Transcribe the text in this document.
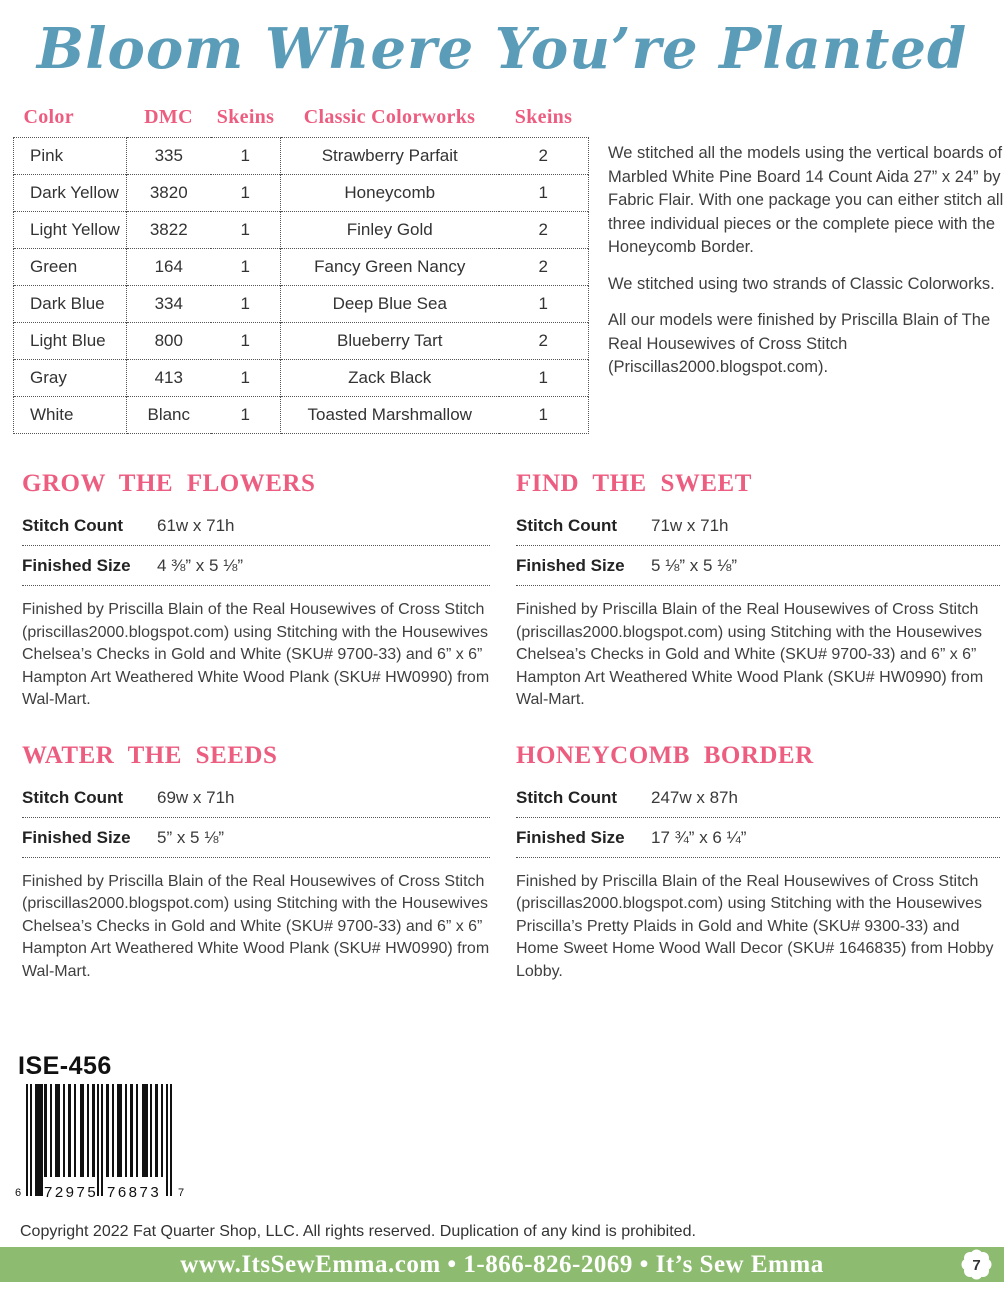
Bloom Where You’re Planted
Color	DMC	Skeins	Classic Colorworks	Skeins
Pink	335	1	Strawberry Parfait	2
Dark Yellow	3820	1	Honeycomb	1
Light Yellow	3822	1	Finley Gold	2
Green	164	1	Fancy Green Nancy	2
Dark Blue	334	1	Deep Blue Sea	1
Light Blue	800	1	Blueberry Tart	2
Gray	413	1	Zack Black	1
White	Blanc	1	Toasted Marshmallow	1

We stitched all the models using the vertical boards of Marbled White Pine Board 14 Count Aida 27” x 24” by Fabric Flair. With one package you can either stitch all three individual pieces or the complete piece with the Honeycomb Border.

We stitched using two strands of Classic Colorworks.

All our models were finished by Priscilla Blain of The Real Housewives of Cross Stitch (Priscillas2000.blogspot.com).

GROW THE FLOWERS
Stitch Count	61w x 71h
Finished Size	4 ⅜” x 5 ⅛”

Finished by Priscilla Blain of the Real Housewives of Cross Stitch (priscillas2000.blogspot.com) using Stitching with the Housewives Chelsea’s Checks in Gold and White (SKU# 9700-33) and 6” x 6” Hampton Art Weathered White Wood Plank (SKU# HW0990) from Wal-Mart.

FIND THE SWEET
Stitch Count	71w x 71h
Finished Size	5 ⅛” x 5 ⅛”

Finished by Priscilla Blain of the Real Housewives of Cross Stitch (priscillas2000.blogspot.com) using Stitching with the Housewives Chelsea’s Checks in Gold and White (SKU# 9700-33) and 6” x 6” Hampton Art Weathered White Wood Plank (SKU# HW0990) from Wal-Mart.

WATER THE SEEDS
Stitch Count	69w x 71h
Finished Size	5” x 5 ⅛”

Finished by Priscilla Blain of the Real Housewives of Cross Stitch (priscillas2000.blogspot.com) using Stitching with the Housewives Chelsea’s Checks in Gold and White (SKU# 9700-33) and 6” x 6” Hampton Art Weathered White Wood Plank (SKU# HW0990) from Wal-Mart.

HONEYCOMB BORDER
Stitch Count	247w x 87h
Finished Size	17 ¾” x 6 ¼”

Finished by Priscilla Blain of the Real Housewives of Cross Stitch (priscillas2000.blogspot.com) using Stitching with the Housewives Priscilla’s Pretty Plaids in Gold and White (SKU# 9300-33) and Home Sweet Home Wood Wall Decor (SKU# 1646835) from Hobby Lobby.

ISE-456
6 72975 76873 7
Copyright 2022 Fat Quarter Shop, LLC. All rights reserved. Duplication of any kind is prohibited.
www.ItsSewEmma.com • 1-866-826-2069 • It’s Sew Emma	7
